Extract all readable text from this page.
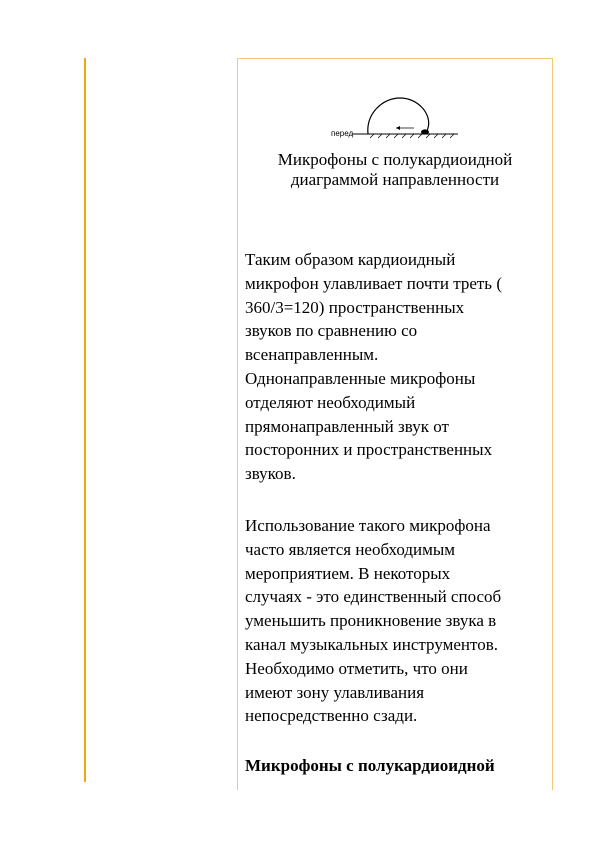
перед

Микрофоны с полукардиоидной
диаграммой направленности

Таким образом кардиоидный
микрофон улавливает почти треть (
360/3=120) пространственных
звуков по сравнению со
всенаправленным.
Однонаправленные микрофоны
отделяют необходимый
прямонаправленный звук от
посторонних и пространственных
звуков.

Использование такого микрофона
часто является необходимым
мероприятием. В некоторых
случаях - это единственный способ
уменьшить проникновение звука в
канал музыкальных инструментов.
Необходимо отметить, что они
имеют зону улавливания
непосредственно сзади.

Микрофоны с полукардиоидной
